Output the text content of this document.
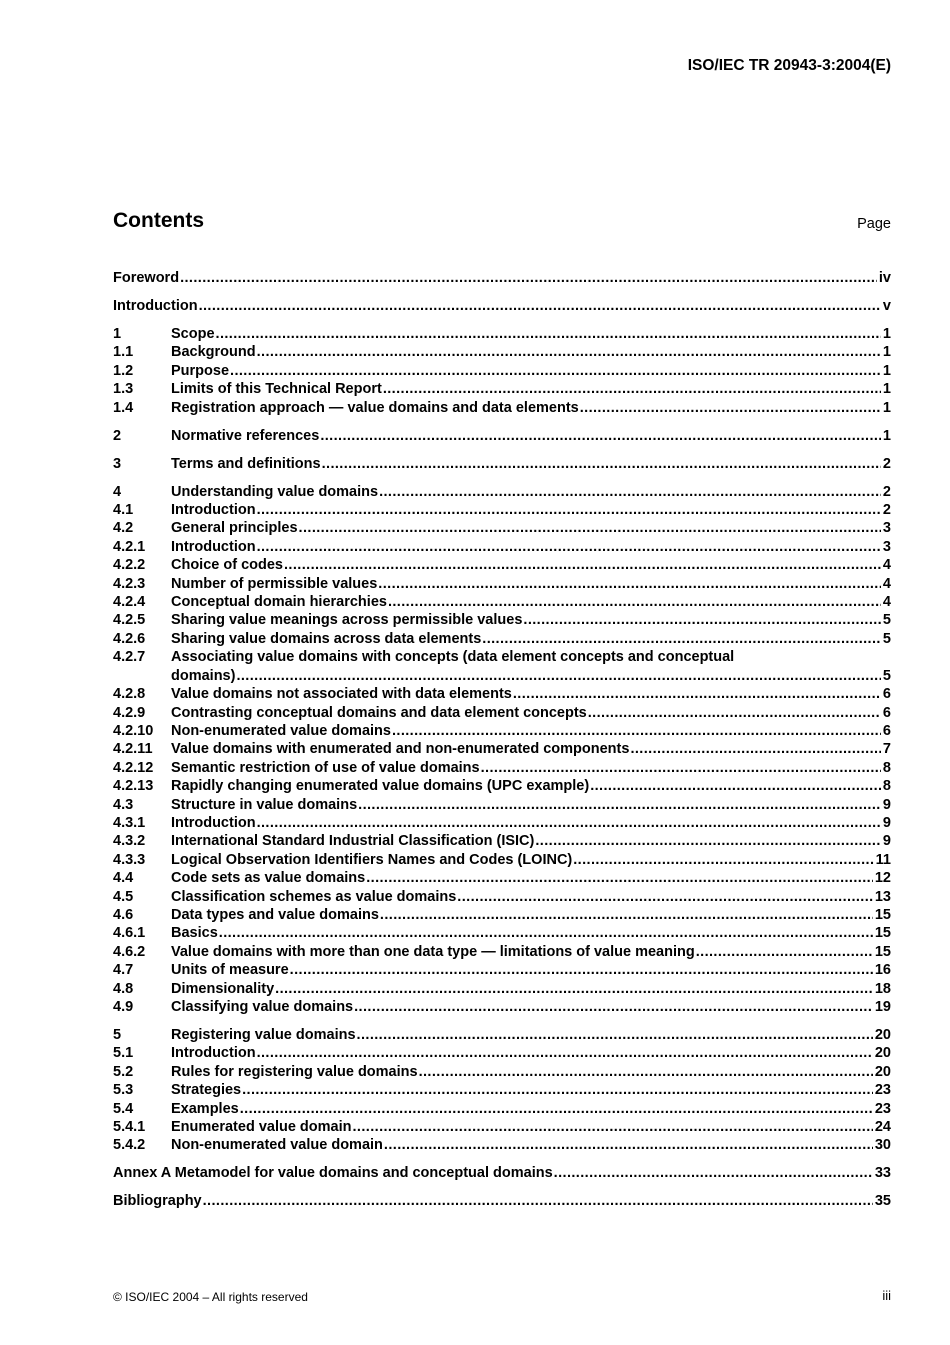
ISO/IEC TR 20943-3:2004(E)
Contents	Page
Foreword .....	iv
Introduction .....	v
1	Scope .....	1
1.1	Background .....	1
1.2	Purpose .....	1
1.3	Limits of this Technical Report .....	1
1.4	Registration approach — value domains and data elements .....	1
2	Normative references .....	1
3	Terms and definitions .....	2
4	Understanding value domains .....	2
4.1	Introduction .....	2
4.2	General principles .....	3
4.2.1	Introduction .....	3
4.2.2	Choice of codes .....	4
4.2.3	Number of permissible values .....	4
4.2.4	Conceptual domain hierarchies .....	4
4.2.5	Sharing value meanings across permissible values .....	5
4.2.6	Sharing value domains across data elements .....	5
4.2.7	Associating value domains with concepts (data element concepts and conceptual
domains) .....	5
4.2.8	Value domains not associated with data elements .....	6
4.2.9	Contrasting conceptual domains and data element concepts .....	6
4.2.10	Non-enumerated value domains .....	6
4.2.11	Value domains with enumerated and non-enumerated components .....	7
4.2.12	Semantic restriction of use of value domains .....	8
4.2.13	Rapidly changing enumerated value domains (UPC example) .....	8
4.3	Structure in value domains .....	9
4.3.1	Introduction .....	9
4.3.2	International Standard Industrial Classification (ISIC) .....	9
4.3.3	Logical Observation Identifiers Names and Codes (LOINC) .....	11
4.4	Code sets as value domains .....	12
4.5	Classification schemes as value domains .....	13
4.6	Data types and value domains .....	15
4.6.1	Basics .....	15
4.6.2	Value domains with more than one data type — limitations of value meaning .....	15
4.7	Units of measure .....	16
4.8	Dimensionality .....	18
4.9	Classifying value domains .....	19
5	Registering value domains .....	20
5.1	Introduction .....	20
5.2	Rules for registering value domains .....	20
5.3	Strategies .....	23
5.4	Examples .....	23
5.4.1	Enumerated value domain .....	24
5.4.2	Non-enumerated value domain .....	30
Annex A Metamodel for value domains and conceptual domains .....	33
Bibliography .....	35
© ISO/IEC 2004 – All rights reserved	iii
